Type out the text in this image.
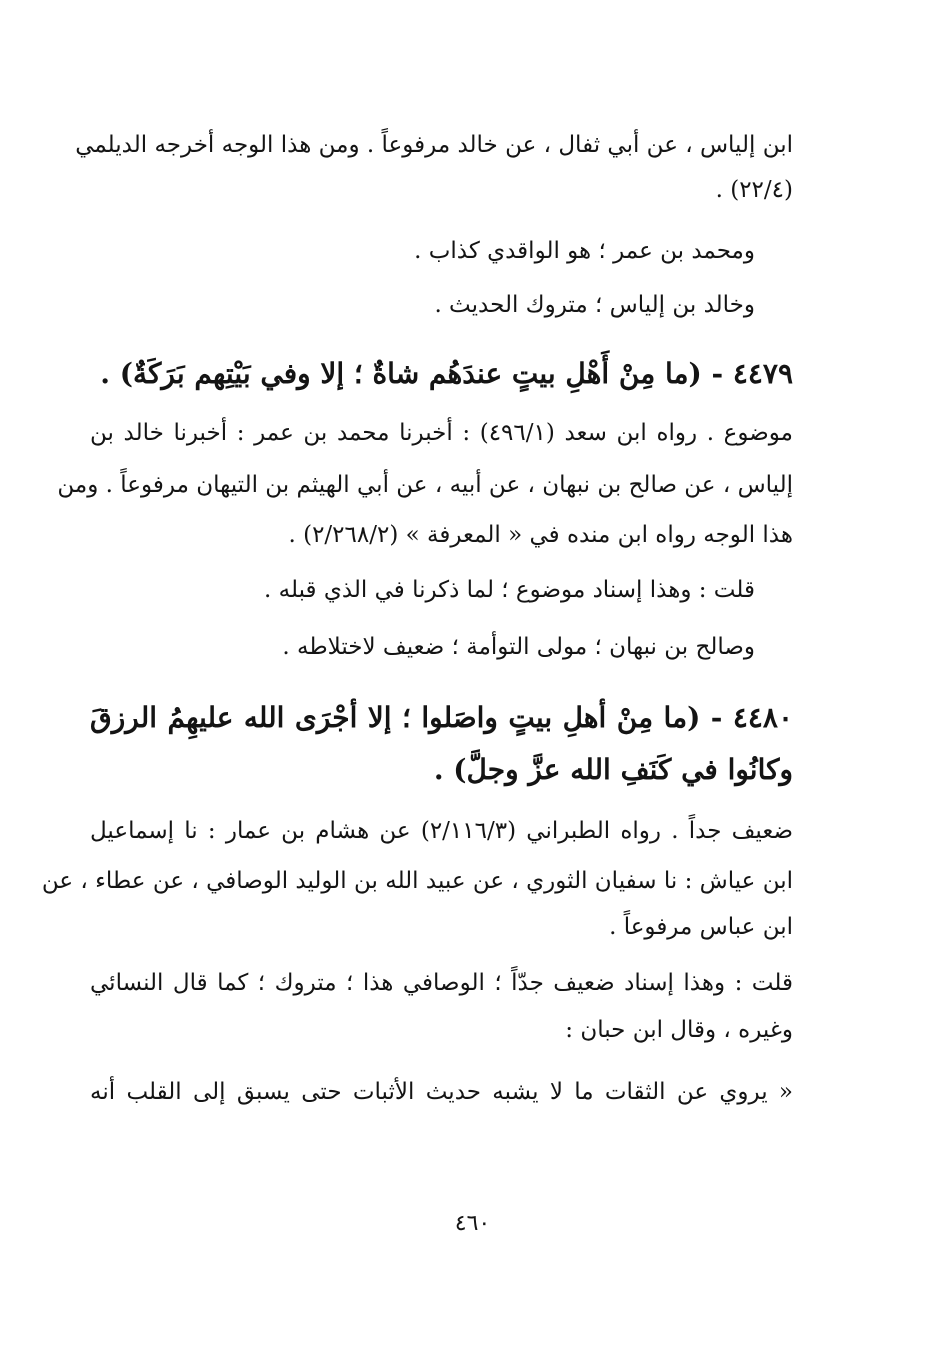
ابن إلياس ، عن أبي ثفال ، عن خالد مرفوعاً . ومن هذا الوجه أخرجه الديلمي

(٢٢/٤) .

ومحمد بن عمر ؛ هو الواقدي كذاب .

وخالد بن إلياس ؛ متروك الحديث .

٤٤٧٩ - (ما مِنْ أَهْلِ بيتٍ عندَهُم شاةٌ ؛ إلا وفي بَيْتِهم بَرَكَةٌ) .

موضوع . رواه ابن سعد (٤٩٦/١) : أخبرنا محمد بن عمر : أخبرنا خالد بن

إلياس ، عن صالح بن نبهان ، عن أبيه ، عن أبي الهيثم بن التيهان مرفوعاً . ومن

هذا الوجه رواه ابن منده في « المعرفة » (٢/٢٦٨/٢) .

قلت : وهذا إسناد موضوع ؛ لما ذكرنا في الذي قبله .

وصالح بن نبهان ؛ مولى التوأمة ؛ ضعيف لاختلاطه .

٤٤٨٠ - (ما مِنْ أهلِ بيتٍ واصَلوا ؛ إلا أجْرَى الله عليهِمُ الرزقَ

وكانُوا في كَنَفِ الله عزَّ وجلَّ) .

ضعيف جداً . رواه الطبراني (٢/١١٦/٣) عن هشام بن عمار : نا إسماعيل

ابن عياش : نا سفيان الثوري ، عن عبيد الله بن الوليد الوصافي ، عن عطاء ، عن

ابن عباس مرفوعاً .

قلت : وهذا إسناد ضعيف جدّاً ؛ الوصافي هذا ؛ متروك ؛ كما قال النسائي

وغيره ، وقال ابن حبان :

« يروي عن الثقات ما لا يشبه حديث الأثبات حتى يسبق إلى القلب أنه

٤٦٠
